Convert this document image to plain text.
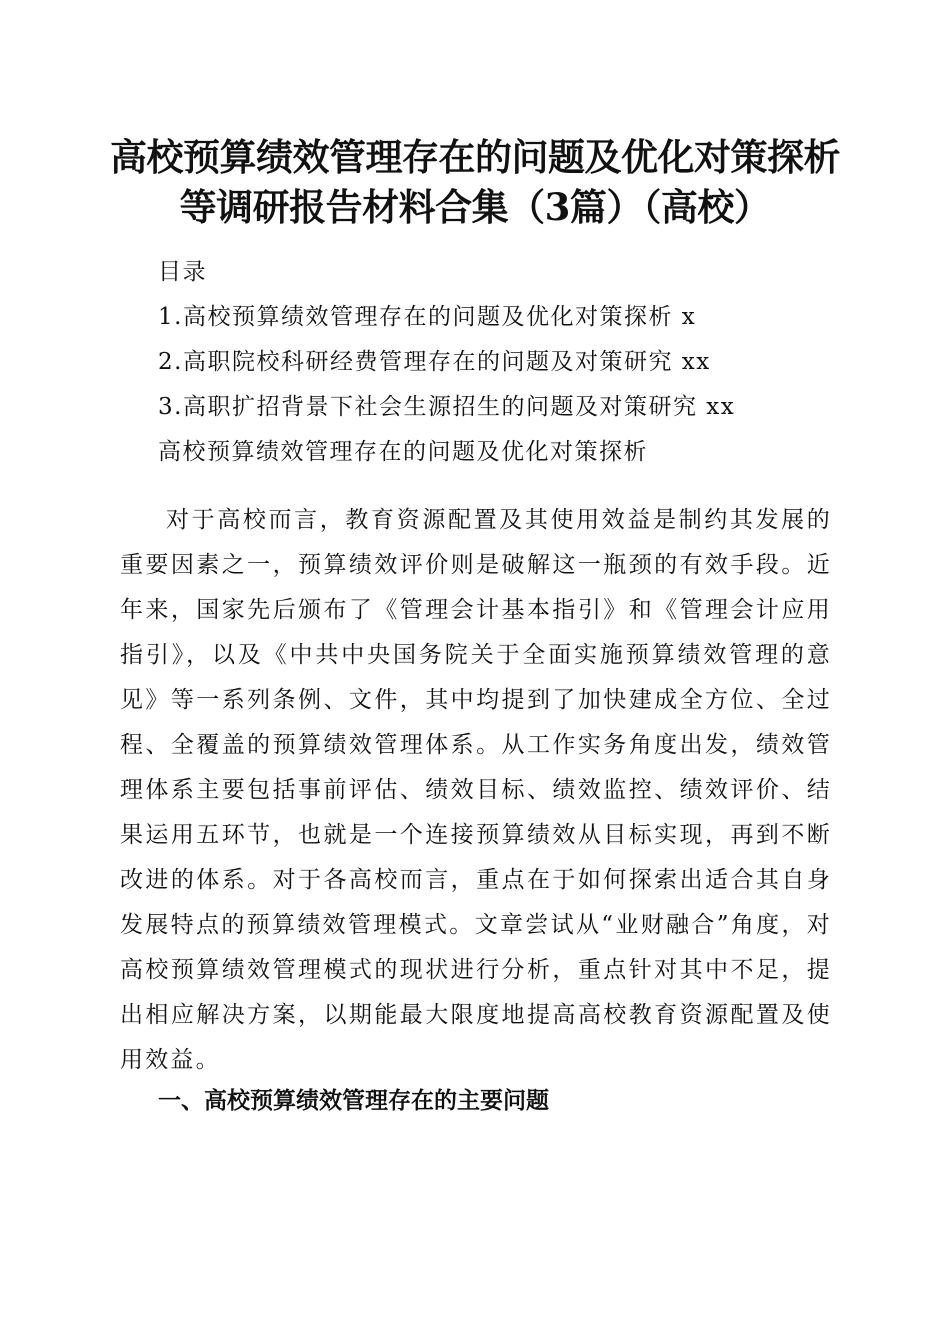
高校预算绩效管理存在的问题及优化对策探析
等调研报告材料合集（3篇）（高校）
目录
1.高校预算绩效管理存在的问题及优化对策探析 x
2.高职院校科研经费管理存在的问题及对策研究 xx
3.高职扩招背景下社会生源招生的问题及对策研究 xx
高校预算绩效管理存在的问题及优化对策探析
对于高校而言，教育资源配置及其使用效益是制约其发展的重要因素之一，预算绩效评价则是破解这一瓶颈的有效手段。近年来，国家先后颁布了《管理会计基本指引》和《管理会计应用指引》，以及《中共中央国务院关于全面实施预算绩效管理的意见》等一系列条例、文件，其中均提到了加快建成全方位、全过程、全覆盖的预算绩效管理体系。从工作实务角度出发，绩效管理体系主要包括事前评估、绩效目标、绩效监控、绩效评价、结果运用五环节，也就是一个连接预算绩效从目标实现，再到不断改进的体系。对于各高校而言，重点在于如何探索出适合其自身发展特点的预算绩效管理模式。文章尝试从“业财融合”角度，对高校预算绩效管理模式的现状进行分析，重点针对其中不足，提出相应解决方案，以期能最大限度地提高高校教育资源配置及使用效益。
一、高校预算绩效管理存在的主要问题
